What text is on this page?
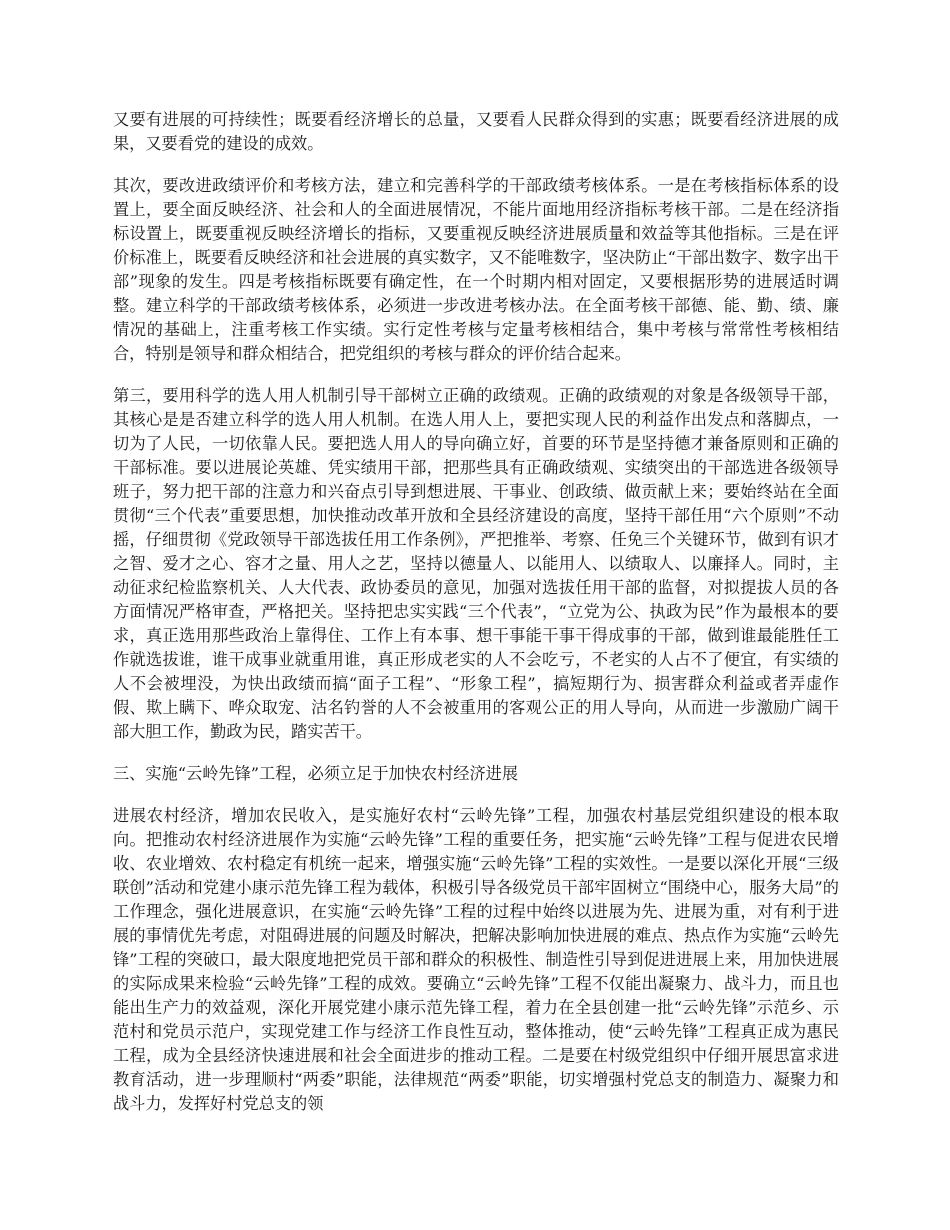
又要有进展的可持续性；既要看经济增长的总量，又要看人民群众得到的实惠；既要看经济进展的成果，又要看党的建设的成效。

其次，要改进政绩评价和考核方法，建立和完善科学的干部政绩考核体系。一是在考核指标体系的设置上，要全面反映经济、社会和人的全面进展情况，不能片面地用经济指标考核干部。二是在经济指标设置上，既要重视反映经济增长的指标，又要重视反映经济进展质量和效益等其他指标。三是在评价标准上，既要看反映经济和社会进展的真实数字，又不能唯数字，坚决防止“干部出数字、数字出干部”现象的发生。四是考核指标既要有确定性，在一个时期内相对固定，又要根据形势的进展适时调整。建立科学的干部政绩考核体系，必须进一步改进考核办法。在全面考核干部德、能、勤、绩、廉情况的基础上，注重考核工作实绩。实行定性考核与定量考核相结合，集中考核与常常性考核相结合，特别是领导和群众相结合，把党组织的考核与群众的评价结合起来。

第三，要用科学的选人用人机制引导干部树立正确的政绩观。正确的政绩观的对象是各级领导干部，其核心是是否建立科学的选人用人机制。在选人用人上，要把实现人民的利益作出发点和落脚点，一切为了人民，一切依靠人民。要把选人用人的导向确立好，首要的环节是坚持德才兼备原则和正确的干部标准。要以进展论英雄、凭实绩用干部，把那些具有正确政绩观、实绩突出的干部选进各级领导班子，努力把干部的注意力和兴奋点引导到想进展、干事业、创政绩、做贡献上来；要始终站在全面贯彻“三个代表”重要思想，加快推动改革开放和全县经济建设的高度，坚持干部任用“六个原则”不动摇，仔细贯彻《党政领导干部选拔任用工作条例》，严把推举、考察、任免三个关键环节，做到有识才之智、爱才之心、容才之量、用人之艺，坚持以德量人、以能用人、以绩取人、以廉择人。同时，主动征求纪检监察机关、人大代表、政协委员的意见，加强对选拔任用干部的监督，对拟提拔人员的各方面情况严格审查，严格把关。坚持把忠实实践“三个代表”，“立党为公、执政为民”作为最根本的要求，真正选用那些政治上靠得住、工作上有本事、想干事能干事干得成事的干部，做到谁最能胜任工作就选拔谁，谁干成事业就重用谁，真正形成老实的人不会吃亏，不老实的人占不了便宜，有实绩的人不会被埋没，为快出政绩而搞“面子工程”、“形象工程”，搞短期行为、损害群众利益或者弄虚作假、欺上瞒下、哗众取宠、沽名钓誉的人不会被重用的客观公正的用人导向，从而进一步激励广阔干部大胆工作，勤政为民，踏实苦干。

三、实施“云岭先锋”工程，必须立足于加快农村经济进展

进展农村经济，增加农民收入，是实施好农村“云岭先锋”工程，加强农村基层党组织建设的根本取向。把推动农村经济进展作为实施“云岭先锋”工程的重要任务，把实施“云岭先锋”工程与促进农民增收、农业增效、农村稳定有机统一起来，增强实施“云岭先锋”工程的实效性。一是要以深化开展“三级联创”活动和党建小康示范先锋工程为载体，积极引导各级党员干部牢固树立“围绕中心，服务大局”的工作理念，强化进展意识，在实施“云岭先锋”工程的过程中始终以进展为先、进展为重，对有利于进展的事情优先考虑，对阻碍进展的问题及时解决，把解决影响加快进展的难点、热点作为实施“云岭先锋”工程的突破口，最大限度地把党员干部和群众的积极性、制造性引导到促进进展上来，用加快进展的实际成果来检验“云岭先锋”工程的成效。要确立“云岭先锋”工程不仅能出凝聚力、战斗力，而且也能出生产力的效益观，深化开展党建小康示范先锋工程，着力在全县创建一批“云岭先锋”示范乡、示范村和党员示范户，实现党建工作与经济工作良性互动，整体推动，使“云岭先锋”工程真正成为惠民工程，成为全县经济快速进展和社会全面进步的推动工程。二是要在村级党组织中仔细开展思富求进教育活动，进一步理顺村“两委”职能，法律规范“两委”职能，切实增强村党总支的制造力、凝聚力和战斗力，发挥好村党总支的领
